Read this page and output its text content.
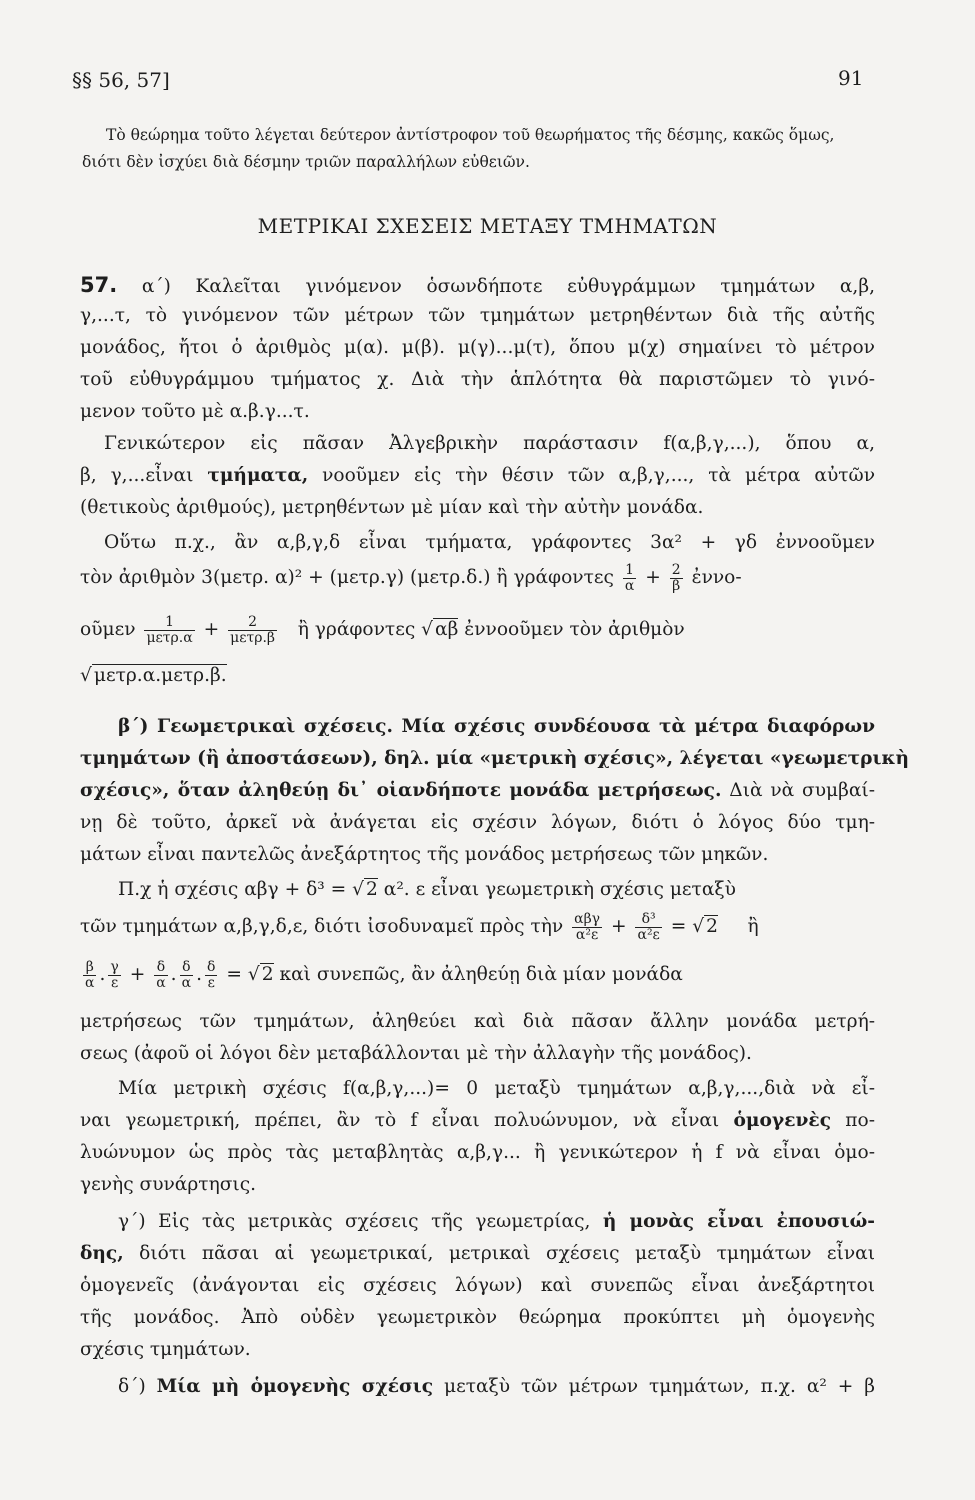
§§ 56, 57]	91
Τὸ θεώρημα τοῦτο λέγεται δεύτερον ἀντίστροφον τοῦ θεωρήματος τῆς δέσμης, κακῶς ὅμως, διότι δὲν ἰσχύει διὰ δέσμην τριῶν παραλλήλων εὐθειῶν.
ΜΕΤΡΙΚΑΙ ΣΧΕΣΕΙΣ ΜΕΤΑΞΥ ΤΜΗΜΑΤΩΝ
57. α΄) Καλεῖται γινόμενον ὁσωνδήποτε εὐθυγράμμων τμημάτων α,β,
γ,...τ, τὸ γινόμενον τῶν μέτρων τῶν τμημάτων μετρηθέντων διὰ τῆς αὐτῆς
μονάδος, ἤτοι ὁ ἀριθμὸς μ(α). μ(β). μ(γ)...μ(τ), ὅπου μ(χ) σημαίνει τὸ μέτρον
τοῦ εὐθυγράμμου τμήματος χ. Διὰ τὴν ἁπλότητα θὰ παριστῶμεν τὸ γινό-
μενον τοῦτο μὲ α.β.γ...τ.
Γενικώτερον εἰς πᾶσαν Ἀλγεβρικὴν παράστασιν f(α,β,γ,...), ὅπου α,
β, γ,...εἶναι τμήματα, νοοῦμεν εἰς τὴν θέσιν τῶν α,β,γ,..., τὰ μέτρα αὐτῶν
(θετικοὺς ἀριθμούς), μετρηθέντων μὲ μίαν καὶ τὴν αὐτὴν μονάδα.
Οὕτω π.χ., ἂν α,β,γ,δ εἶναι τμήματα, γράφοντες 3α² + γδ ἐννοοῦμεν
τὸν ἀριθμὸν 3(μετρ. α)² + (μετρ.γ) (μετρ.δ.) ἢ γράφοντες $\frac{1}{\alpha} + \frac{2}{\beta}$ ἐννο-
οῦμεν $\frac{1}{\text{μετρ.α}} + \frac{2}{\text{μετρ.β}}$ ἢ γράφοντες √ αβ ἐννοοῦμεν τὸν ἀριθμὸν
√ μετρ.α.μετρ.β.
β΄) Γεωμετρικαὶ σχέσεις. Μία σχέσις συνδέουσα τὰ μέτρα διαφόρων
τμημάτων (ἢ ἀποστάσεων), δηλ. μία «μετρικὴ σχέσις», λέγεται «γεωμετρικὴ
σχέσις», ὅταν ἀληθεύῃ δι᾽ οἱανδήποτε μονάδα μετρήσεως. Διὰ νὰ συμβαί-
νῃ δὲ τοῦτο, ἀρκεῖ νὰ ἀνάγεται εἰς σχέσιν λόγων, διότι ὁ λόγος δύο τμη-
μάτων εἶναι παντελῶς ἀνεξάρτητος τῆς μονάδος μετρήσεως τῶν μηκῶν.
Π.χ ἡ σχέσις αβγ + δ³ = √ 2 α². ε εἶναι γεωμετρικὴ σχέσις μεταξὺ
τῶν τμημάτων α,β,γ,δ,ε, διότι ἰσοδυναμεῖ πρὸς τὴν $\frac{\text{αβγ}}{\text{α²ε}} + \frac{\text{δ³}}{\text{α²ε}}$ = √ 2 ἢ
$\frac{\beta}{\alpha}$ . $\frac{\gamma}{\varepsilon} + \frac{\delta}{\alpha}$ . $\frac{\delta}{\alpha}$ . $\frac{\delta}{\varepsilon}$ = √ 2 καὶ συνεπῶς, ἂν ἀληθεύῃ διὰ μίαν μονάδα
μετρήσεως τῶν τμημάτων, ἀληθεύει καὶ διὰ πᾶσαν ἄλλην μονάδα μετρή-
σεως (ἀφοῦ οἱ λόγοι δὲν μεταβάλλονται μὲ τὴν ἀλλαγὴν τῆς μονάδος).
Μία μετρικὴ σχέσις f(α,β,γ,...)= 0 μεταξὺ τμημάτων α,β,γ,...,διὰ νὰ εἶ-
ναι γεωμετρική, πρέπει, ἂν τὸ f εἶναι πολυώνυμον, νὰ εἶναι ὁμογενὲς πο-
λυώνυμον ὡς πρὸς τὰς μεταβλητὰς α,β,γ... ἢ γενικώτερον ἡ f νὰ εἶναι ὁμο-
γενὴς συνάρτησις.
γ΄) Εἰς τὰς μετρικὰς σχέσεις τῆς γεωμετρίας, ἡ μονὰς εἶναι ἐπουσιώ-
δης, διότι πᾶσαι αἱ γεωμετρικαί, μετρικαὶ σχέσεις μεταξὺ τμημάτων εἶναι
ὁμογενεῖς (ἀνάγονται εἰς σχέσεις λόγων) καὶ συνεπῶς εἶναι ἀνεξάρτητοι
τῆς μονάδος. Ἀπὸ οὐδὲν γεωμετρικὸν θεώρημα προκύπτει μὴ ὁμογενὴς
σχέσις τμημάτων.
δ΄) Μία μὴ ὁμογενὴς σχέσις μεταξὺ τῶν μέτρων τμημάτων, π.χ. α² + β
